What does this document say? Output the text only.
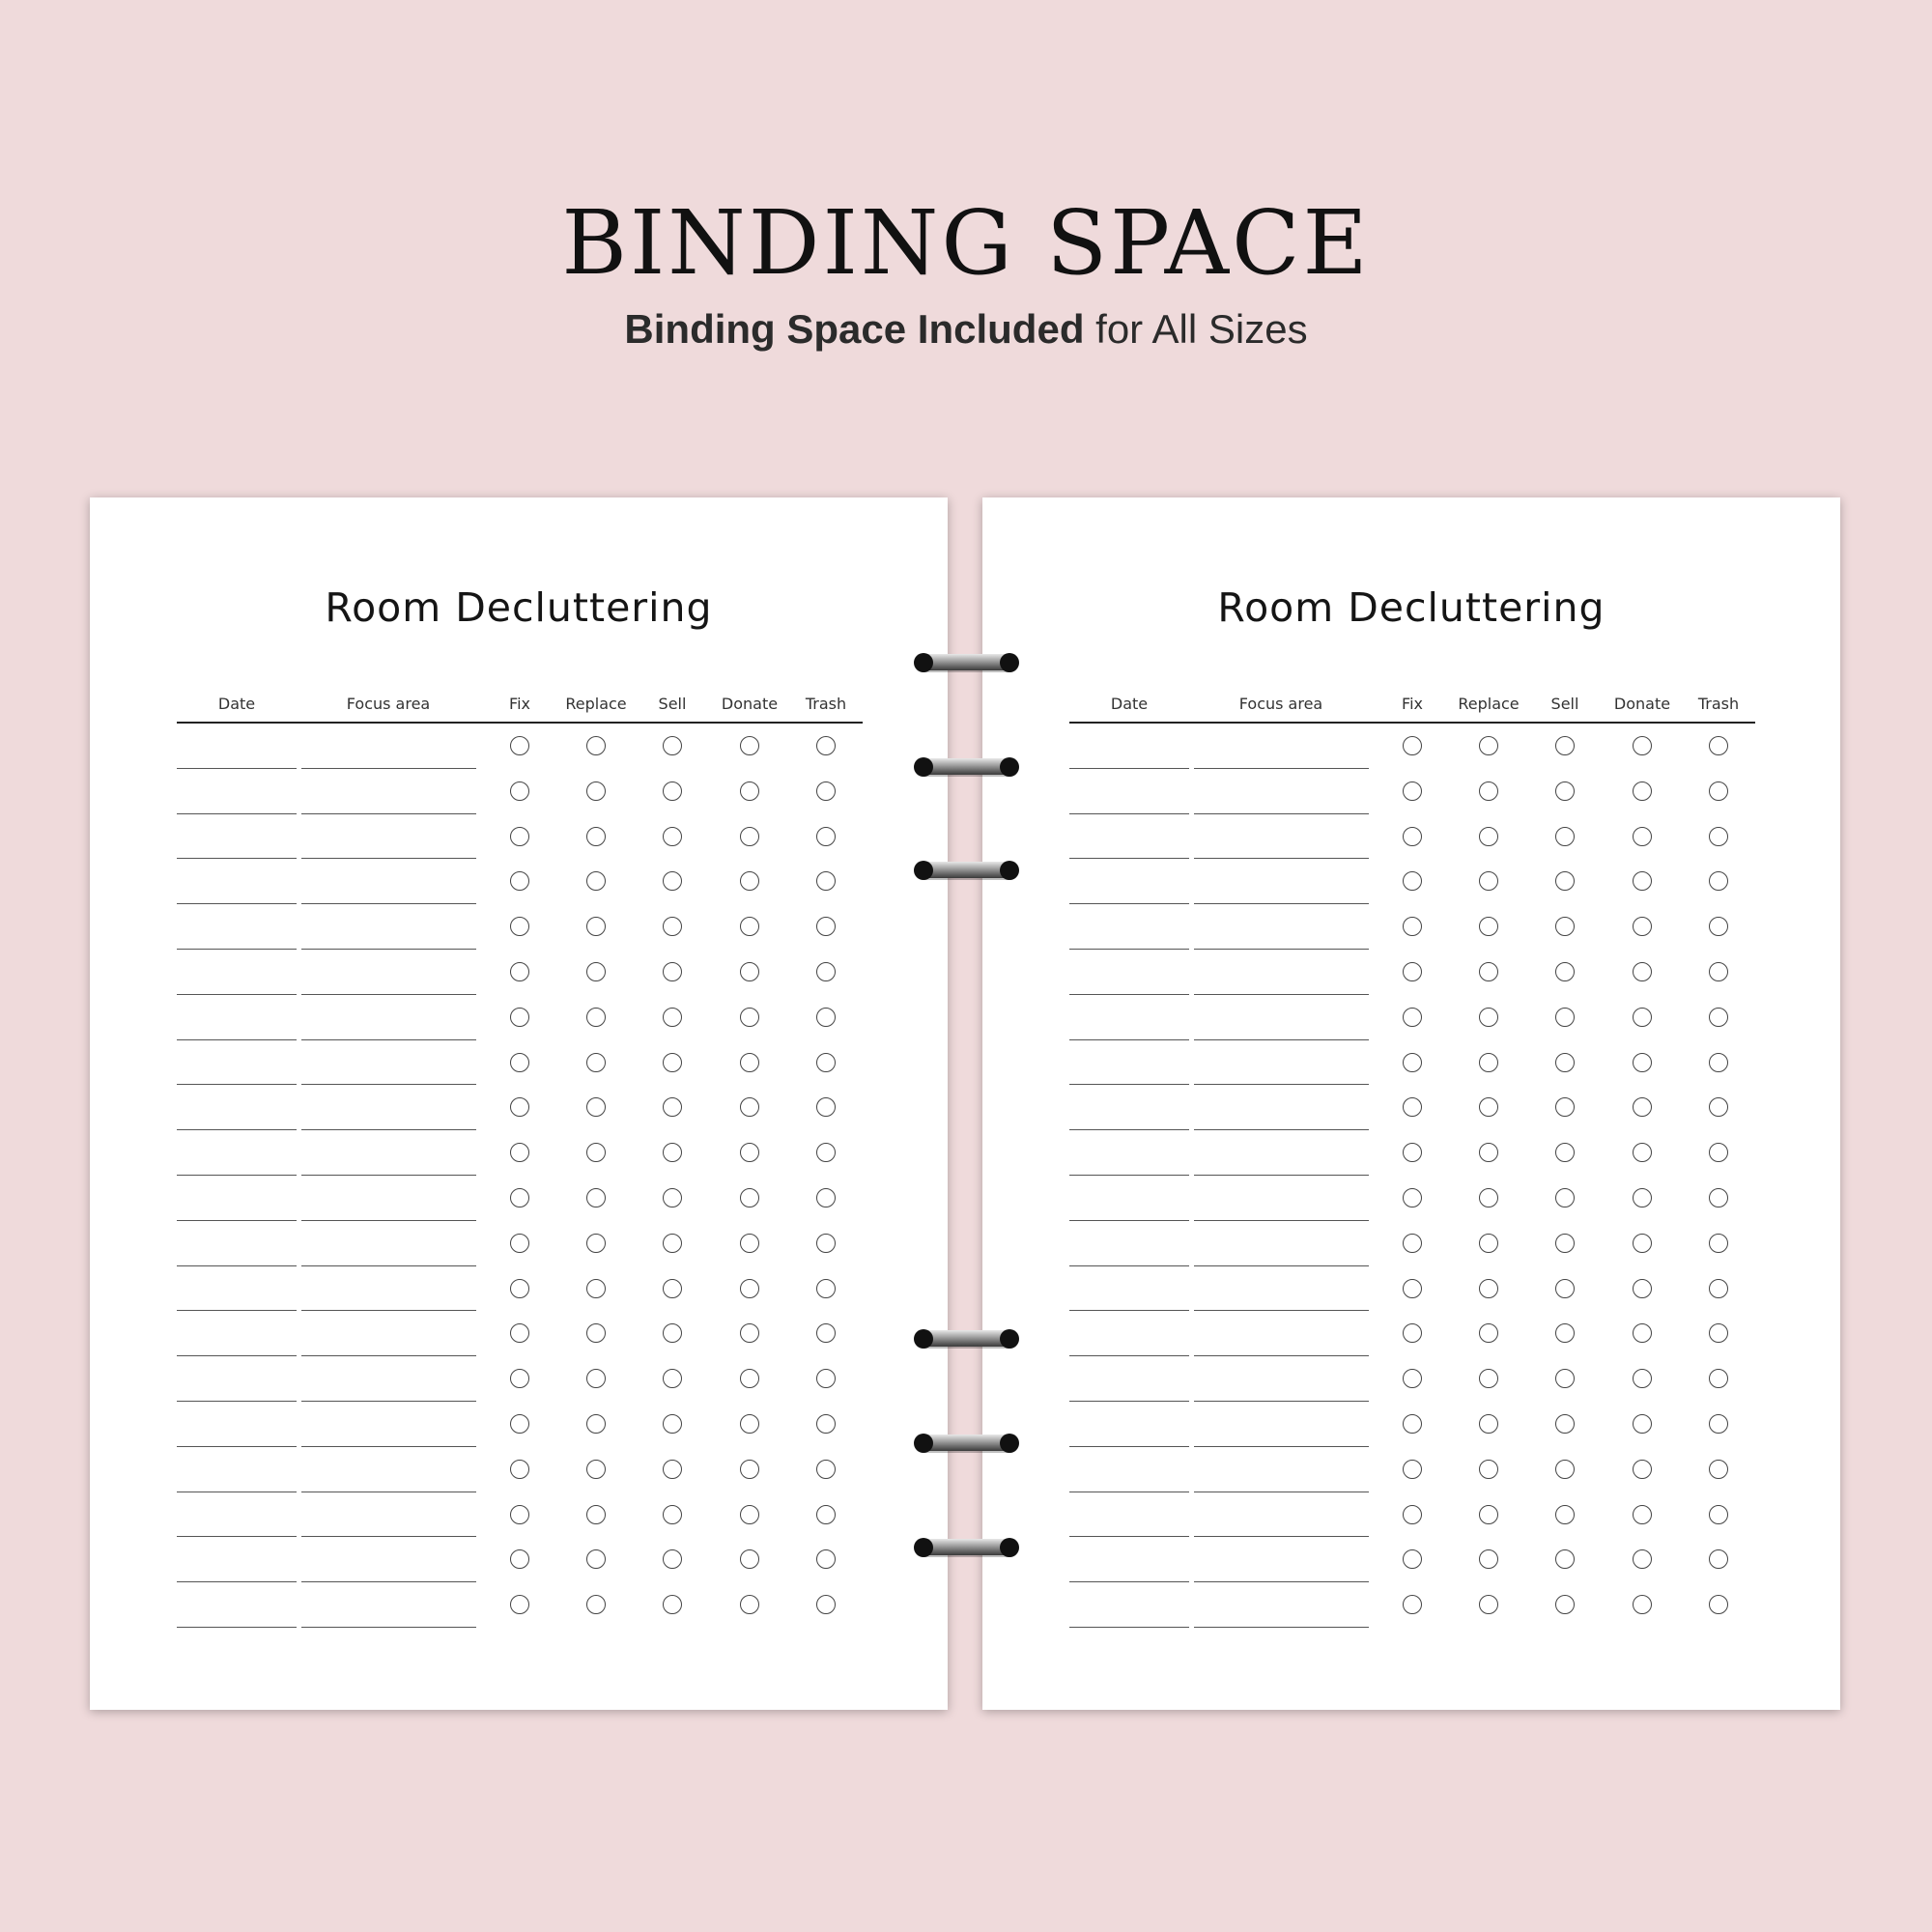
BINDING SPACE

Binding Space Included for All Sizes

Room Decluttering
Date	Focus area	Fix Replace Sell Donate Trash
Room Decluttering
Date	Focus area	Fix Replace Sell Donate Trash
